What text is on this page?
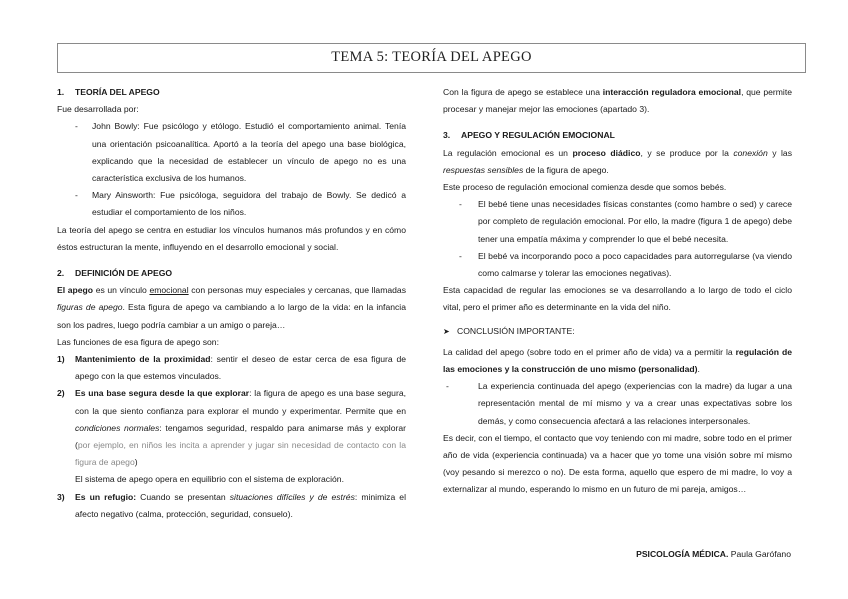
TEMA 5: TEORÍA DEL APEGO
1. TEORÍA DEL APEGO

Fue desarrollada por:

- John Bowly: Fue psicólogo y etólogo. Estudió el comportamiento animal. Tenía una orientación psicoanalítica. Aportó a la teoría del apego una base biológica, explicando que la necesidad de establecer un vínculo de apego no es una característica exclusiva de los humanos.
- Mary Ainsworth: Fue psicóloga, seguidora del trabajo de Bowly. Se dedicó a estudiar el comportamiento de los niños.

La teoría del apego se centra en estudiar los vínculos humanos más profundos y en cómo éstos estructuran la mente, influyendo en el desarrollo emocional y social.

2. DEFINICIÓN DE APEGO

El apego es un vínculo emocional con personas muy especiales y cercanas, que llamadas figuras de apego. Esta figura de apego va cambiando a lo largo de la vida: en la infancia son los padres, luego podría cambiar a un amigo o pareja…

Las funciones de esa figura de apego son:

1) Mantenimiento de la proximidad: sentir el deseo de estar cerca de esa figura de apego con la que estemos vinculados.
2) Es una base segura desde la que explorar: la figura de apego es una base segura, con la que siento confianza para explorar el mundo y experimentar. Permite que en condiciones normales: tengamos seguridad, respaldo para animarse más y explorar (por ejemplo, en niños les incita a aprender y jugar sin necesidad de contacto con la figura de apego)
El sistema de apego opera en equilibrio con el sistema de exploración.
3) Es un refugio: Cuando se presentan situaciones difíciles y de estrés: minimiza el afecto negativo (calma, protección, seguridad, consuelo).

Con la figura de apego se establece una interacción reguladora emocional, que permite procesar y manejar mejor las emociones (apartado 3).

3. APEGO Y REGULACIÓN EMOCIONAL

La regulación emocional es un proceso diádico, y se produce por la conexión y las respuestas sensibles de la figura de apego.

Este proceso de regulación emocional comienza desde que somos bebés.

- El bebé tiene unas necesidades físicas constantes (como hambre o sed) y carece por completo de regulación emocional. Por ello, la madre (figura 1 de apego) debe tener una empatía máxima y comprender lo que el bebé necesita.
- El bebé va incorporando poco a poco capacidades para autorregularse (va viendo como calmarse y tolerar las emociones negativas).

Esta capacidad de regular las emociones se va desarrollando a lo largo de todo el ciclo vital, pero el primer año es determinante en la vida del niño.

➤ CONCLUSIÓN IMPORTANTE:

La calidad del apego (sobre todo en el primer año de vida) va a permitir la regulación de las emociones y la construcción de uno mismo (personalidad).

-	La experiencia continuada del apego (experiencias con la madre) da lugar a una representación mental de mí mismo y va a crear unas expectativas sobre los demás, y como consecuencia afectará a las relaciones interpersonales.

Es decir, con el tiempo, el contacto que voy teniendo con mi madre, sobre todo en el primer año de vida (experiencia continuada) va a hacer que yo tome una visión sobre mí mismo (voy pesando si merezco o no). De esta forma, aquello que espero de mi madre, lo voy a externalizar al mundo, esperando lo mismo en un futuro de mi pareja, amigos…

PSICOLOGÍA MÉDICA. Paula Garófano
